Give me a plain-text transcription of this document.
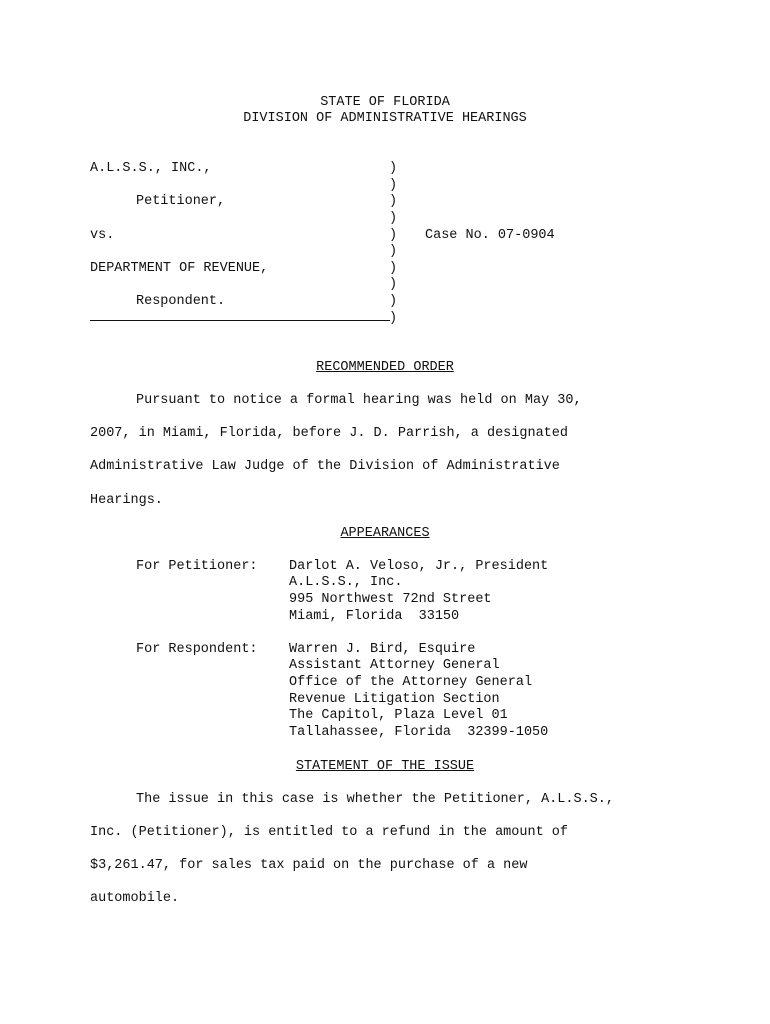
STATE OF FLORIDA
DIVISION OF ADMINISTRATIVE HEARINGS
A.L.S.S., INC.,
Petitioner,
vs.
DEPARTMENT OF REVENUE,
Respondent.
)
)
)
)
)
)
)
)
)
)
Case No. 07-0904
RECOMMENDED ORDER
Pursuant to notice a formal hearing was held on May 30,
2007, in Miami, Florida, before J. D. Parrish, a designated
Administrative Law Judge of the Division of Administrative
Hearings.
APPEARANCES
For Petitioner: Darlot A. Veloso, Jr., President
A.L.S.S., Inc.
995 Northwest 72nd Street
Miami, Florida  33150
For Respondent: Warren J. Bird, Esquire
Assistant Attorney General
Office of the Attorney General
Revenue Litigation Section
The Capitol, Plaza Level 01
Tallahassee, Florida  32399-1050
STATEMENT OF THE ISSUE
The issue in this case is whether the Petitioner, A.L.S.S.,
Inc. (Petitioner), is entitled to a refund in the amount of
$3,261.47, for sales tax paid on the purchase of a new
automobile.
